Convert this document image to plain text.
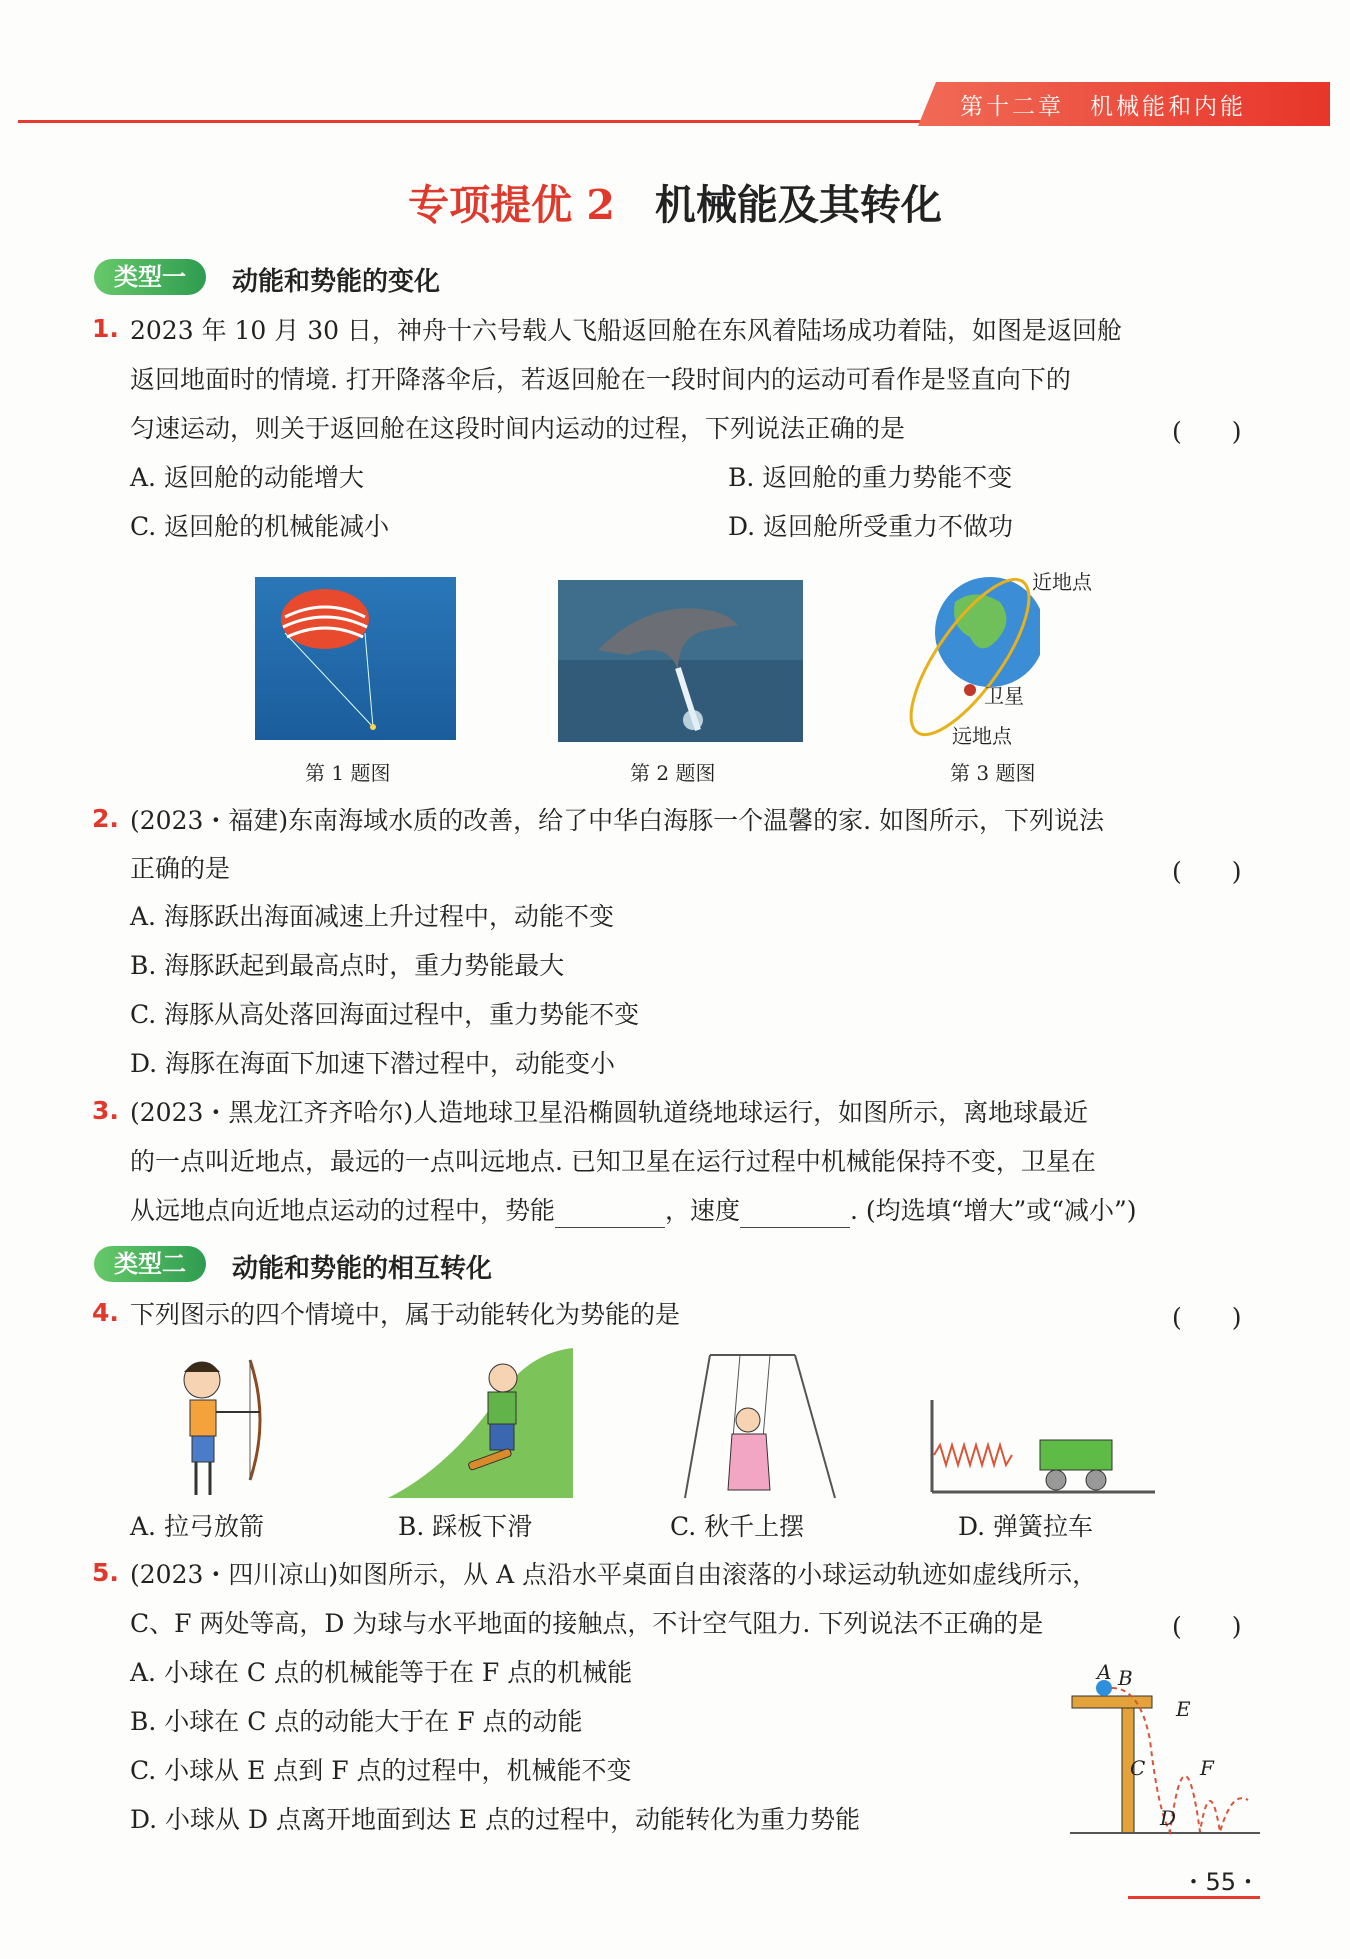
第十二章　机械能和内能
专项提优 2 机械能及其转化
类型一	动能和势能的变化
1. 2023 年 10 月 30 日，神舟十六号载人飞船返回舱在东风着陆场成功着陆，如图是返回舱
返回地面时的情境. 打开降落伞后，若返回舱在一段时间内的运动可看作是竖直向下的
匀速运动，则关于返回舱在这段时间内运动的过程，下列说法正确的是	(　　)
A. 返回舱的动能增大	B. 返回舱的重力势能不变
C. 返回舱的机械能减小	D. 返回舱所受重力不做功
第 1 题图	第 2 题图
近地点
卫星
远地点
第 3 题图
2. (2023・福建)东南海域水质的改善，给了中华白海豚一个温馨的家. 如图所示，下列说法
正确的是	(　　)
A. 海豚跃出海面减速上升过程中，动能不变
B. 海豚跃起到最高点时，重力势能最大
C. 海豚从高处落回海面过程中，重力势能不变
D. 海豚在海面下加速下潜过程中，动能变小
3. (2023・黑龙江齐齐哈尔)人造地球卫星沿椭圆轨道绕地球运行，如图所示，离地球最近
的一点叫近地点，最远的一点叫远地点. 已知卫星在运行过程中机械能保持不变，卫星在
从远地点向近地点运动的过程中，势能	，速度	. (均选填“增大”或“减小”)
类型二	动能和势能的相互转化
4. 下列图示的四个情境中，属于动能转化为势能的是	(　　)
A. 拉弓放箭	B. 踩板下滑	C. 秋千上摆	D. 弹簧拉车
5. (2023・四川凉山)如图所示，从 A 点沿水平桌面自由滚落的小球运动轨迹如虚线所示，
C、F 两处等高，D 为球与水平地面的接触点，不计空气阻力. 下列说法不正确的是	(　　)
A. 小球在 C 点的机械能等于在 F 点的机械能
B. 小球在 C 点的动能大于在 F 点的动能
C. 小球从 E 点到 F 点的过程中，机械能不变
D. 小球从 D 点离开地面到达 E 点的过程中，动能转化为重力势能
A B
E
C	F
D
・55・
